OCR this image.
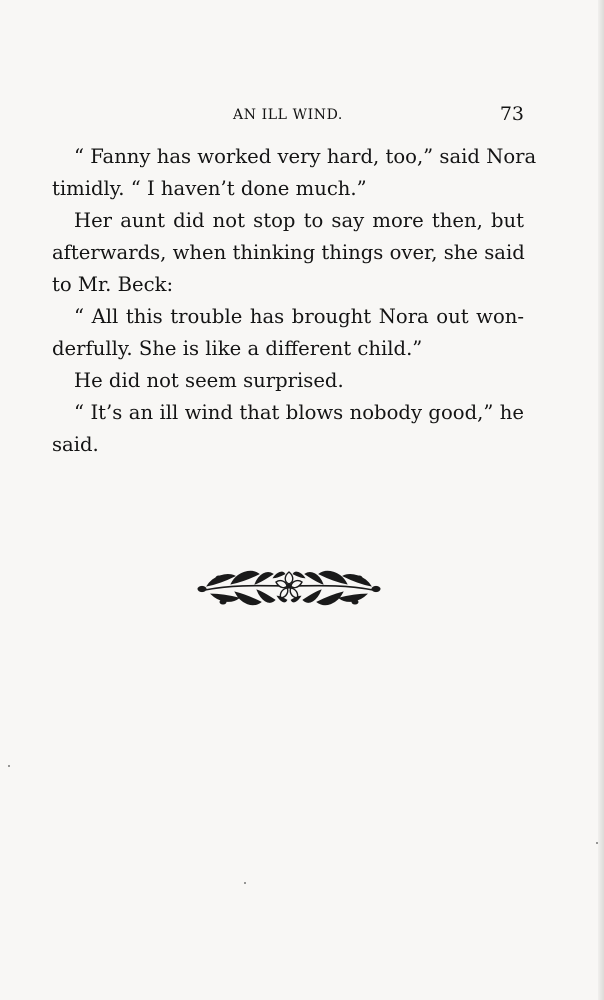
AN ILL WIND.	73

“ Fanny has worked very hard, too,” said Nora
timidly. “ I haven’t done much.”

Her aunt did not stop to say more then, but
afterwards, when thinking things over, she said
to Mr. Beck:

“ All this trouble has brought Nora out won-
derfully. She is like a different child.”

He did not seem surprised.

“ It’s an ill wind that blows nobody good,” he
said.
